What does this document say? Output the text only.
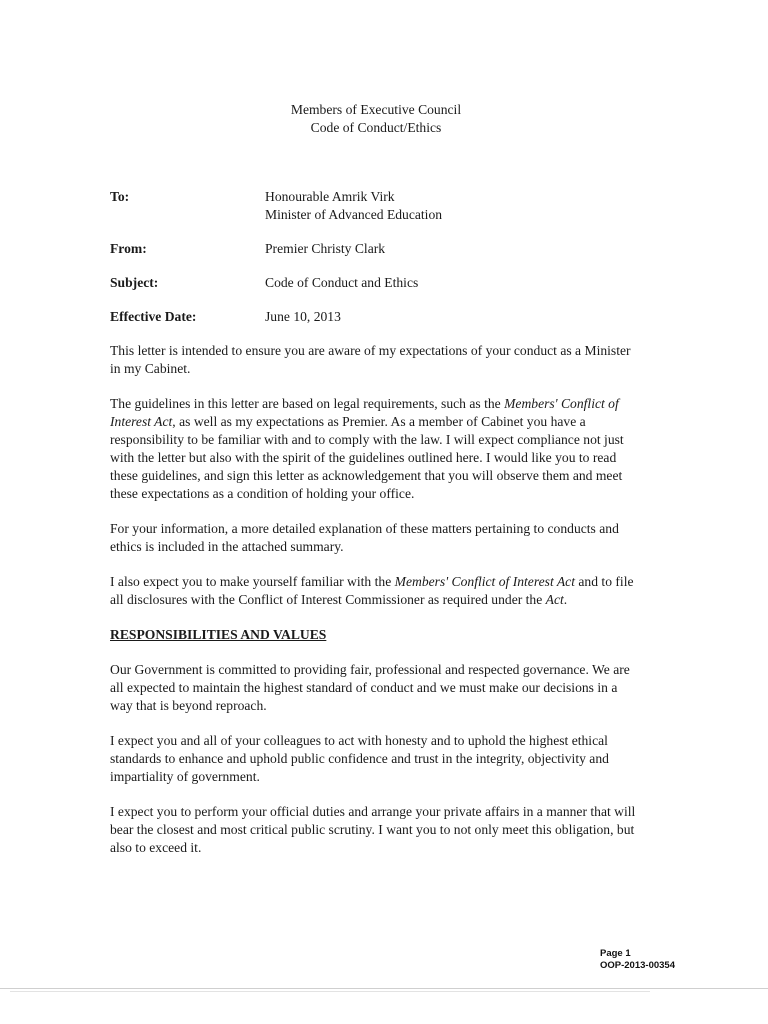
Members of Executive Council
Code of Conduct/Ethics
To:	Honourable Amrik Virk
Minister of Advanced Education
From:	Premier Christy Clark
Subject:	Code of Conduct and Ethics
Effective Date:	June 10, 2013

This letter is intended to ensure you are aware of my expectations of your conduct as a Minister in my Cabinet.

The guidelines in this letter are based on legal requirements, such as the Members' Conflict of Interest Act, as well as my expectations as Premier. As a member of Cabinet you have a responsibility to be familiar with and to comply with the law. I will expect compliance not just with the letter but also with the spirit of the guidelines outlined here. I would like you to read these guidelines, and sign this letter as acknowledgement that you will observe them and meet these expectations as a condition of holding your office.

For your information, a more detailed explanation of these matters pertaining to conducts and ethics is included in the attached summary.

I also expect you to make yourself familiar with the Members' Conflict of Interest Act and to file all disclosures with the Conflict of Interest Commissioner as required under the Act.

RESPONSIBILITIES AND VALUES

Our Government is committed to providing fair, professional and respected governance. We are all expected to maintain the highest standard of conduct and we must make our decisions in a way that is beyond reproach.

I expect you and all of your colleagues to act with honesty and to uphold the highest ethical standards to enhance and uphold public confidence and trust in the integrity, objectivity and impartiality of government.

I expect you to perform your official duties and arrange your private affairs in a manner that will bear the closest and most critical public scrutiny. I want you to not only meet this obligation, but also to exceed it.

Page 1
OOP-2013-00354
